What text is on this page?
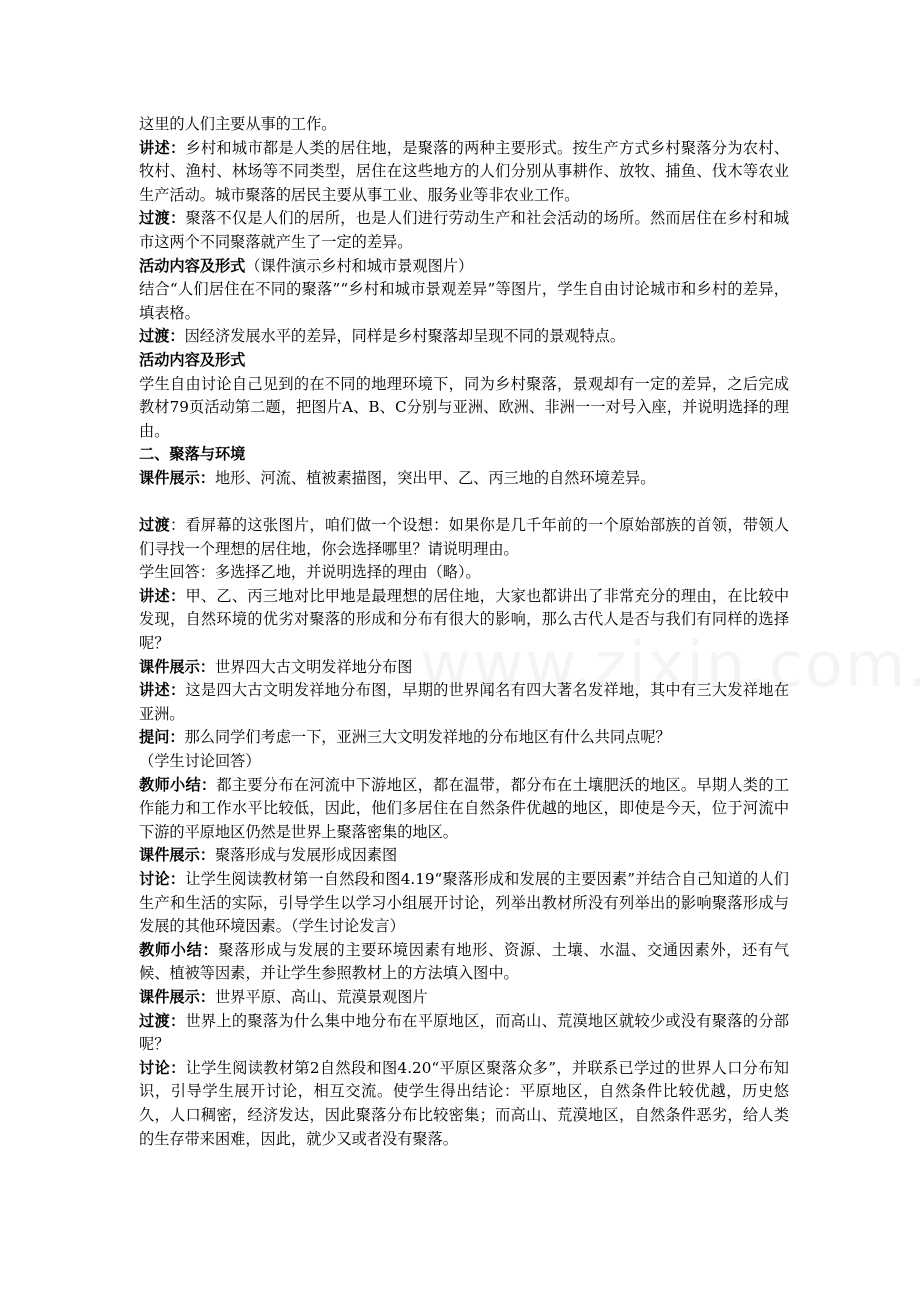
这里的人们主要从事的工作。

讲述：乡村和城市都是人类的居住地，是聚落的两种主要形式。按生产方式乡村聚落分为农村、牧村、渔村、林场等不同类型，居住在这些地方的人们分别从事耕作、放牧、捕鱼、伐木等农业生产活动。城市聚落的居民主要从事工业、服务业等非农业工作。

过渡：聚落不仅是人们的居所，也是人们进行劳动生产和社会活动的场所。然而居住在乡村和城市这两个不同聚落就产生了一定的差异。

活动内容及形式（课件演示乡村和城市景观图片）

结合“人们居住在不同的聚落”“乡村和城市景观差异”等图片，学生自由讨论城市和乡村的差异，填表格。

过渡：因经济发展水平的差异，同样是乡村聚落却呈现不同的景观特点。

活动内容及形式

学生自由讨论自己见到的在不同的地理环境下，同为乡村聚落，景观却有一定的差异，之后完成教材79页活动第二题，把图片A、B、C分别与亚洲、欧洲、非洲一一对号入座，并说明选择的理由。

二、聚落与环境

课件展示：地形、河流、植被素描图，突出甲、乙、丙三地的自然环境差异。

过渡：看屏幕的这张图片，咱们做一个设想：如果你是几千年前的一个原始部族的首领，带领人们寻找一个理想的居住地，你会选择哪里？请说明理由。

学生回答：多选择乙地，并说明选择的理由（略）。

讲述：甲、乙、丙三地对比甲地是最理想的居住地，大家也都讲出了非常充分的理由，在比较中发现，自然环境的优劣对聚落的形成和分布有很大的影响，那么古代人是否与我们有同样的选择呢？

课件展示：世界四大古文明发祥地分布图

讲述：这是四大古文明发祥地分布图，早期的世界闻名有四大著名发祥地，其中有三大发祥地在亚洲。

提问：那么同学们考虑一下，亚洲三大文明发祥地的分布地区有什么共同点呢？

（学生讨论回答）

教师小结：都主要分布在河流中下游地区，都在温带，都分布在土壤肥沃的地区。早期人类的工作能力和工作水平比较低，因此，他们多居住在自然条件优越的地区，即使是今天，位于河流中下游的平原地区仍然是世界上聚落密集的地区。

课件展示：聚落形成与发展形成因素图

讨论：让学生阅读教材第一自然段和图4.19“聚落形成和发展的主要因素”并结合自己知道的人们生产和生活的实际，引导学生以学习小组展开讨论，列举出教材所没有列举出的影响聚落形成与发展的其他环境因素。（学生讨论发言）

教师小结：聚落形成与发展的主要环境因素有地形、资源、土壤、水温、交通因素外，还有气候、植被等因素，并让学生参照教材上的方法填入图中。

课件展示：世界平原、高山、荒漠景观图片

过渡：世界上的聚落为什么集中地分布在平原地区，而高山、荒漠地区就较少或没有聚落的分部呢？

讨论：让学生阅读教材第2自然段和图4.20“平原区聚落众多”，并联系已学过的世界人口分布知识，引导学生展开讨论，相互交流。使学生得出结论：平原地区，自然条件比较优越，历史悠久，人口稠密，经济发达，因此聚落分布比较密集；而高山、荒漠地区，自然条件恶劣，给人类的生存带来困难，因此，就少又或者没有聚落。
